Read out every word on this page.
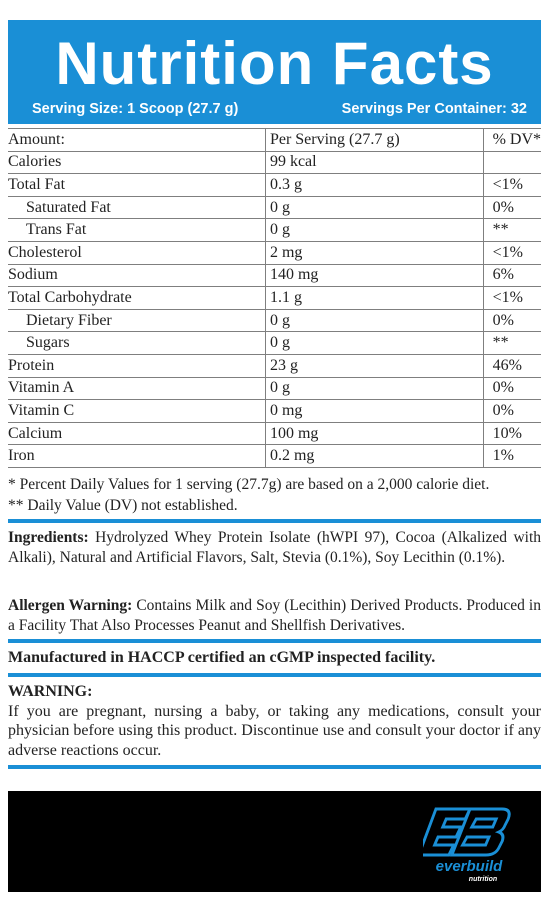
Nutrition Facts
Serving Size: 1 Scoop (27.7 g)	Servings Per Container: 32
Amount:	Per Serving (27.7 g)	% DV*
Calories	99 kcal	
Total Fat	0.3 g	<1%
Saturated Fat	0 g	0%
Trans Fat	0 g	**
Cholesterol	2 mg	<1%
Sodium	140 mg	6%
Total Carbohydrate	1.1 g	<1%
Dietary Fiber	0 g	0%
Sugars	0 g	**
Protein	23 g	46%
Vitamin A	0 g	0%
Vitamin C	0 mg	0%
Calcium	100 mg	10%
Iron	0.2 mg	1%
* Percent Daily Values for 1 serving (27.7g) are based on a 2,000 calorie diet.
** Daily Value (DV) not established.
Ingredients: Hydrolyzed Whey Protein Isolate (hWPI 97), Cocoa (Alkalized with Alkali), Natural and Artificial Flavors, Salt, Stevia (0.1%), Soy Lecithin (0.1%).
Allergen Warning: Contains Milk and Soy (Lecithin) Derived Products. Produced in a Facility That Also Processes Peanut and Shellfish Derivatives.
Manufactured in HACCP certified an cGMP inspected facility.
WARNING:
If you are pregnant, nursing a baby, or taking any medications, consult your physician before using this product. Discontinue use and consult your doctor if any adverse reactions occur.
everbuild
nutrition
